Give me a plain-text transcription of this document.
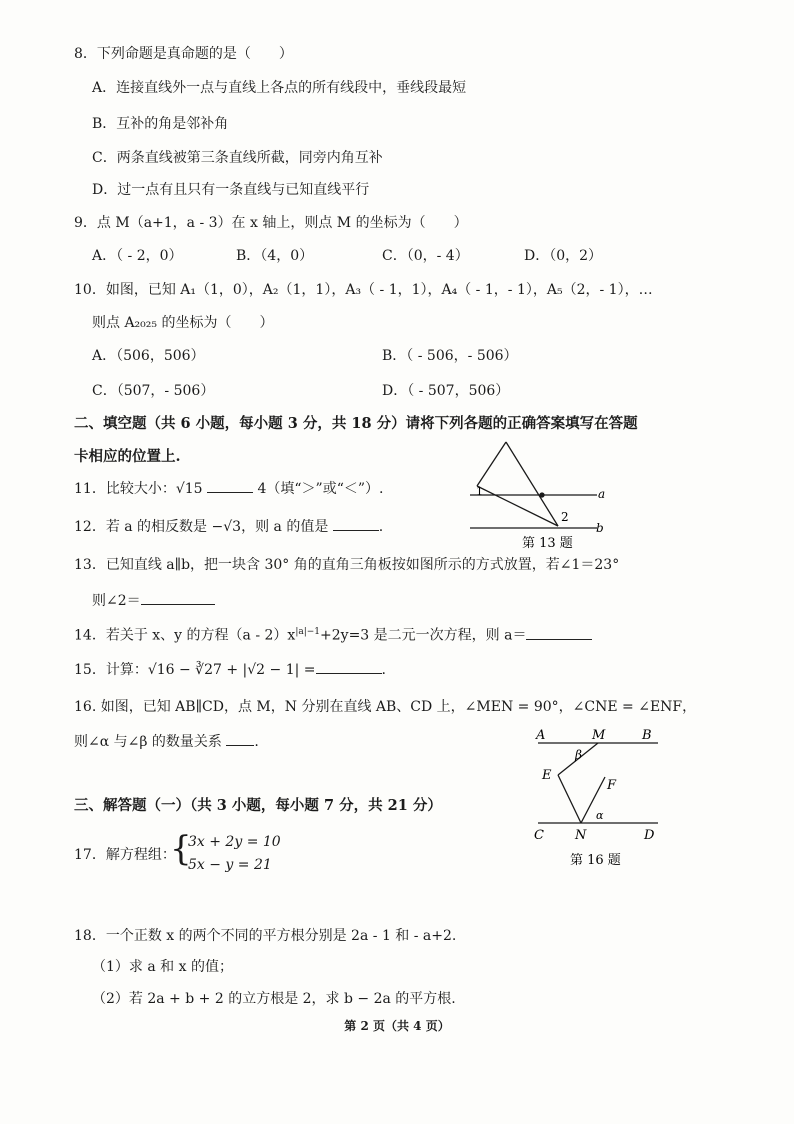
8．下列命题是真命题的是（　　）
A．连接直线外一点与直线上各点的所有线段中，垂线段最短
B．互补的角是邻补角
C．两条直线被第三条直线所截，同旁内角互补
D．过一点有且只有一条直线与已知直线平行
9．点 M（a+1，a - 3）在 x 轴上，则点 M 的坐标为（　　）
A．（ - 2，0）	B．（4，0）	C．（0，- 4）	D．（0，2）
10．如图，已知 A₁（1，0），A₂（1，1），A₃（ - 1，1），A₄（ - 1，- 1），A₅（2，- 1），…
则点 A₂₀₂₅ 的坐标为（　　）
A．（506，506）	B．（ - 506，- 506）
C．（507，- 506）	D．（ - 507，506）
二、填空题（共 6 小题，每小题 3 分，共 18 分）请将下列各题的正确答案填写在答题
卡相应的位置上.
11．比较大小：√15	4（填“＞”或“＜”）.
12．若 a 的相反数是 −√3，则 a 的值是	.
1
2
a
b
第 13 题
13．已知直线 a∥b，把一块含 30° 角的直角三角板按如图所示的方式放置，若∠1＝23°
则∠2＝
14．若关于 x、y 的方程$(a - 2)x^{|a|-1}+2y=3$ 是二元一次方程，则 a＝
15．计算：√16 − ∛27 + |√2 − 1| =	.
16. 如图，已知 AB∥CD，点 M，N 分别在直线 AB、CD 上，∠MEN = 90°，∠CNE = ∠ENF，
则∠α 与∠β 的数量关系 .	A	M	B
β
E
F
α
C N	D
第 16 题
三、解答题（一）（共 3 小题，每小题 7 分，共 21 分）
17．解方程组：
{
3x + 2y = 10
5x − y = 21
18．一个正数 x 的两个不同的平方根分别是 2a - 1 和 - a+2.
（1）求 a 和 x 的值；
（2）若 2a + b + 2 的立方根是 2，求 b − 2a 的平方根.
第 2 页（共 4 页）
